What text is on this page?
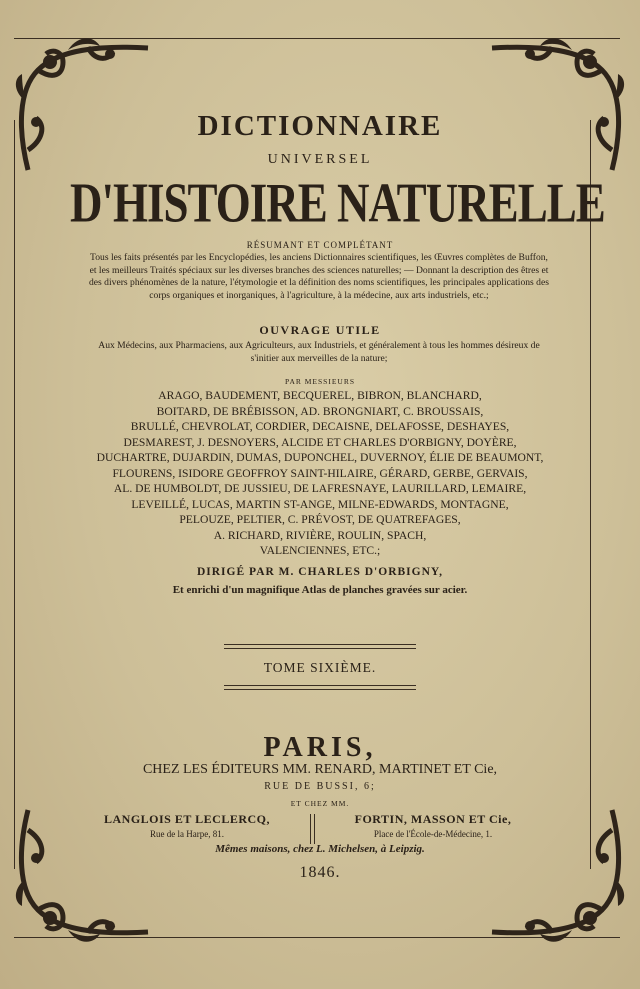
DICTIONNAIRE
UNIVERSEL
D'HISTOIRE NATURELLE
RÉSUMANT ET COMPLÉTANT
Tous les faits présentés par les Encyclopédies, les anciens Dictionnaires scientifiques, les Œuvres complètes de Buffon, et les meilleurs Traités spéciaux sur les diverses branches des sciences naturelles; — Donnant la description des êtres et des divers phénomènes de la nature, l'étymologie et la définition des noms scientifiques, les principales applications des corps organiques et inorganiques, à l'agriculture, à la médecine, aux arts industriels, etc.;
OUVRAGE UTILE
Aux Médecins, aux Pharmaciens, aux Agriculteurs, aux Industriels, et généralement à tous les hommes désireux de s'initier aux merveilles de la nature;
PAR MESSIEURS
ARAGO, BAUDEMENT, BECQUEREL, BIBRON, BLANCHARD,
BOITARD, DE BRÉBISSON, AD. BRONGNIART, C. BROUSSAIS,
BRULLÉ, CHEVROLAT, CORDIER, DECAISNE, DELAFOSSE, DESHAYES,
DESMAREST, J. DESNOYERS, ALCIDE ET CHARLES D'ORBIGNY, DOYÈRE,
DUCHARTRE, DUJARDIN, DUMAS, DUPONCHEL, DUVERNOY, ÉLIE DE BEAUMONT,
FLOURENS, ISIDORE GEOFFROY SAINT-HILAIRE, GÉRARD, GERBE, GERVAIS,
AL. DE HUMBOLDT, DE JUSSIEU, DE LAFRESNAYE, LAURILLARD, LEMAIRE,
LEVEILLÉ, LUCAS, MARTIN ST-ANGE, MILNE-EDWARDS, MONTAGNE,
PELOUZE, PELTIER, C. PRÉVOST, DE QUATREFAGES,
A. RICHARD, RIVIÈRE, ROULIN, SPACH,
VALENCIENNES, ETC.;
DIRIGÉ PAR M. CHARLES D'ORBIGNY,
Et enrichi d'un magnifique Atlas de planches gravées sur acier.
TOME SIXIÈME.
PARIS,
CHEZ LES ÉDITEURS MM. RENARD, MARTINET ET Cie,
RUE DE BUSSI, 6;
ET CHEZ MM.
LANGLOIS ET LECLERCQ,
Rue de la Harpe, 81.
FORTIN, MASSON ET Cie,
Place de l'École-de-Médecine, 1.
Mêmes maisons, chez L. Michelsen, à Leipzig.
1846.
